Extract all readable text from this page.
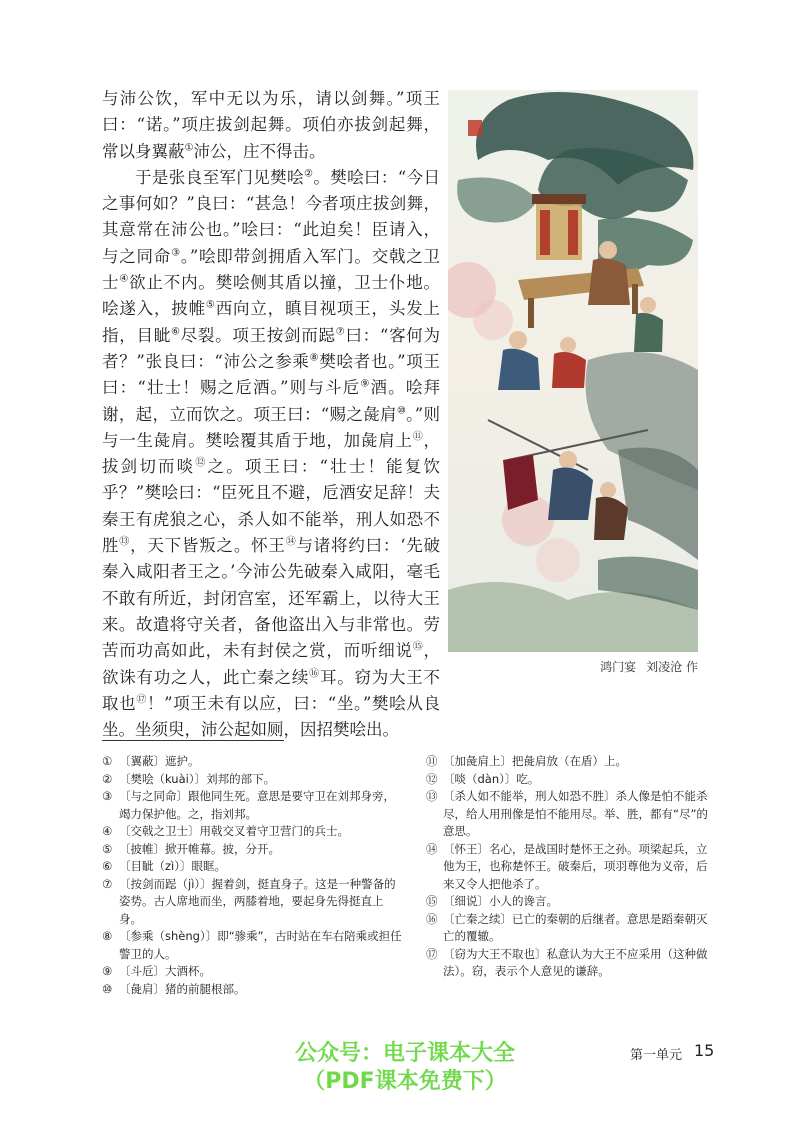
与沛公饮，军中无以为乐，请以剑舞。”项王曰：“诺。”项庄拔剑起舞。项伯亦拔剑起舞，常以身翼蔽①沛公，庄不得击。

于是张良至军门见樊哙②。樊哙曰：“今日之事何如？”良曰：“甚急！今者项庄拔剑舞，其意常在沛公也。”哙曰：“此迫矣！臣请入，与之同命③。”哙即带剑拥盾入军门。交戟之卫士④欲止不内。樊哙侧其盾以撞，卫士仆地。哙遂入，披帷⑤西向立，瞋目视项王，头发上指，目眦⑥尽裂。项王按剑而跽⑦曰：“客何为者？”张良曰：“沛公之参乘⑧樊哙者也。”项王曰：“壮士！赐之卮酒。”则与斗卮⑨酒。哙拜谢，起，立而饮之。项王曰：“赐之彘肩⑩。”则与一生彘肩。樊哙覆其盾于地，加彘肩上⑪，拔剑切而啖⑫之。项王曰：“壮士！能复饮乎？”樊哙曰：“臣死且不避，卮酒安足辞！夫秦王有虎狼之心，杀人如不能举，刑人如恐不胜⑬，天下皆叛之。怀王⑭与诸将约曰：‘先破秦入咸阳者王之。’今沛公先破秦入咸阳，毫毛不敢有所近，封闭宫室，还军霸上，以待大王来。故遣将守关者，备他盗出入与非常也。劳苦而功高如此，未有封侯之赏，而听细说⑮，欲诛有功之人，此亡秦之续⑯耳。窃为大王不取也⑰！”项王未有以应，曰：“坐。”樊哙从良坐。坐须臾，沛公起如厕，因招樊哙出。

鸿门宴 刘凌沧 作
① 〔翼蔽〕遮护。
② 〔樊哙（kuài）〕刘邦的部下。
③ 〔与之同命〕跟他同生死。意思是要守卫在刘邦身旁，竭力保护他。之，指刘邦。
④ 〔交戟之卫士〕用戟交叉着守卫营门的兵士。
⑤ 〔披帷〕掀开帷幕。披，分开。
⑥ 〔目眦（zì）〕眼眶。
⑦ 〔按剑而跽（jì）〕握着剑，挺直身子。这是一种警备的姿势。古人席地而坐，两膝着地，要起身先得挺直上身。
⑧ 〔参乘（shèng）〕即“骖乘”，古时站在车右陪乘或担任警卫的人。
⑨ 〔斗卮〕大酒杯。
⑩ 〔彘肩〕猪的前腿根部。
⑪ 〔加彘肩上〕把彘肩放（在盾）上。
⑫ 〔啖（dàn）〕吃。
⑬ 〔杀人如不能举，刑人如恐不胜〕杀人像是怕不能杀尽，给人用刑像是怕不能用尽。举、胜，都有“尽”的意思。
⑭ 〔怀王〕名心，是战国时楚怀王之孙。项梁起兵，立他为王，也称楚怀王。破秦后，项羽尊他为义帝，后来又令人把他杀了。
⑮ 〔细说〕小人的谗言。
⑯ 〔亡秦之续〕已亡的秦朝的后继者。意思是蹈秦朝灭亡的覆辙。
⑰ 〔窃为大王不取也〕私意认为大王不应采用（这种做法）。窃，表示个人意见的谦辞。
公众号：电子课本大全
（PDF课本免费下）
第一单元 15
